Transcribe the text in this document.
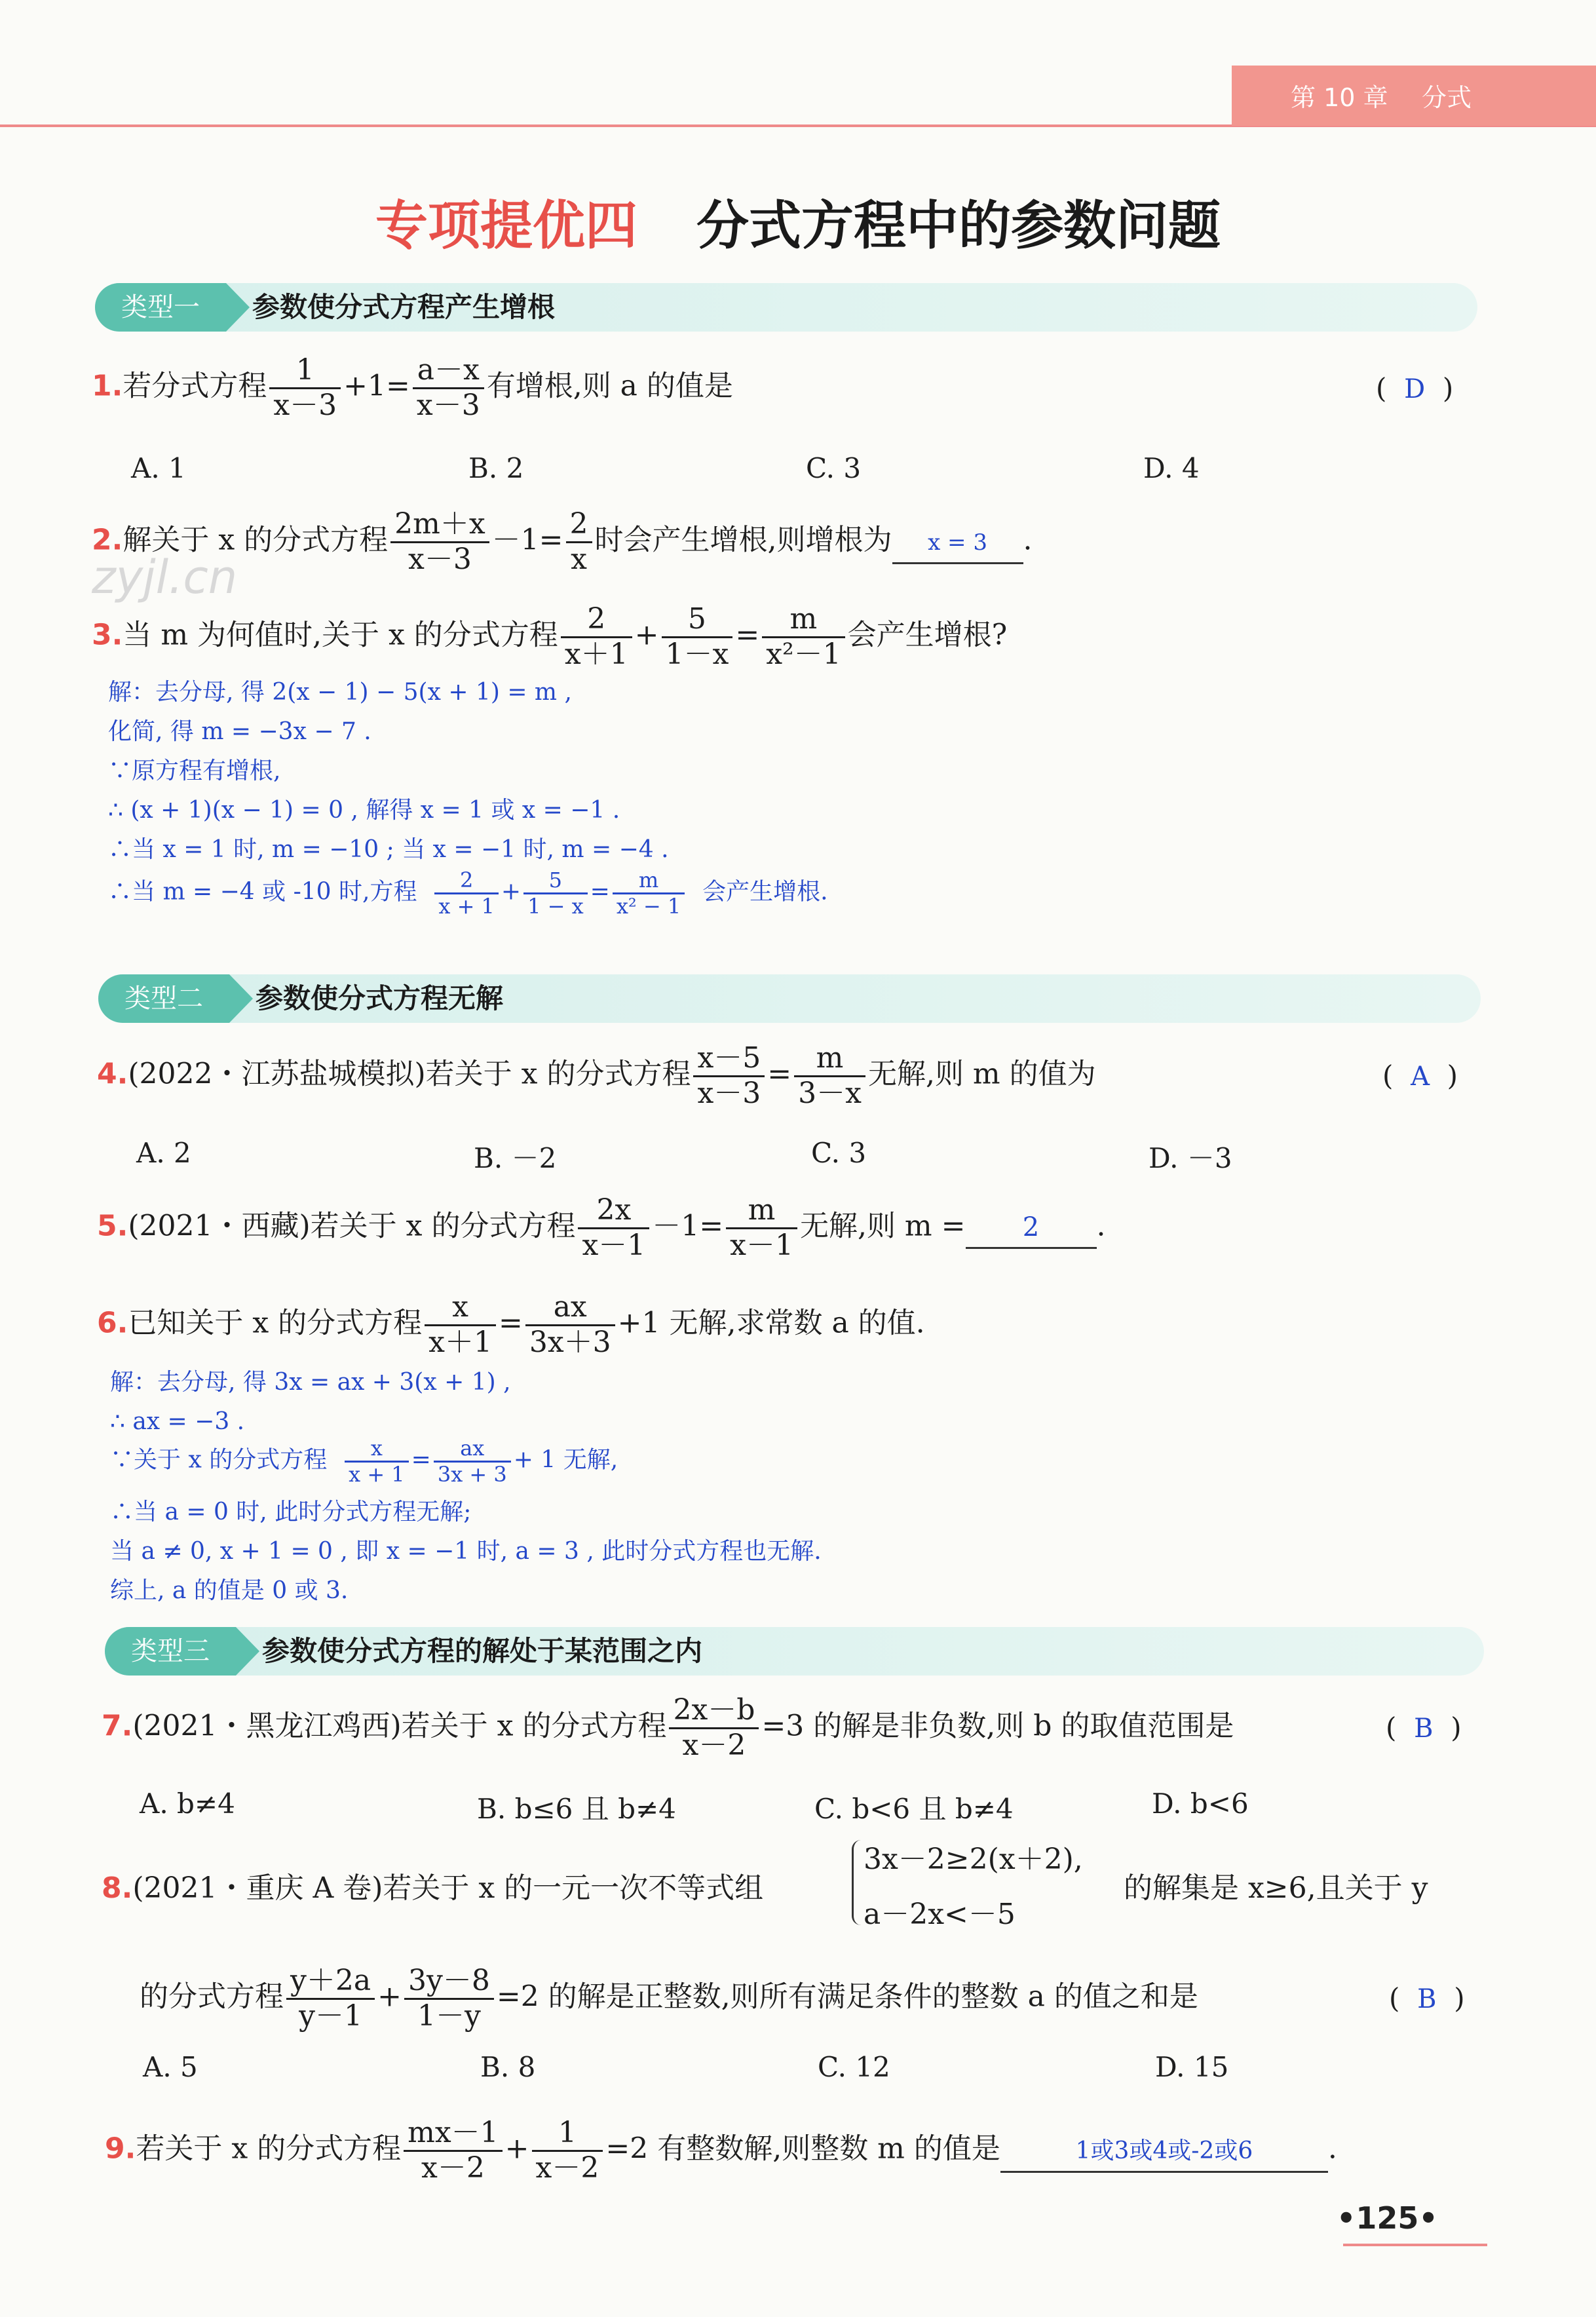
第 10 章 分式
专项提优四 分式方程中的参数问题
zyjl.cn
类型一	参数使分式方程产生增根
1.若分式方程 $\frac{1}{x-3} +1= \frac{a-x}{x-3}$ 有增根,则 a 的值是	(  D  )
A. 1	B. 2	C. 3	D. 4
2.解关于 x 的分式方程 $\frac{2m+x}{x-3} -1= \frac{2}{x}$ 时会产生增根,则增根为 x = 3 .
3.当 m 为何值时,关于 x 的分式方程 $\frac{2}{x+1} + \frac{5}{1-x} = \frac{m}{\text{x²－1}}$ 会产生增根?
解：去分母, 得 2(x − 1) − 5(x + 1) = m ,
化简, 得 m = −3x − 7 .
∵原方程有增根,
∴ (x + 1)(x − 1) = 0 , 解得 x = 1 或 x = −1 .
∴当 x = 1 时, m = −10 ; 当 x = −1 时, m = −4 .
∴当 m = −4 或 -10 时,方程 $\frac{2}{x + 1} + \frac{5}{1 - x} = \frac{m}{\text{x² − 1}}$ 会产生增根.
类型二	参数使分式方程无解
4.(2022・江苏盐城模拟)若关于 x 的分式方程 $\frac{x-5}{x-3} = \frac{m}{3-x}$ 无解,则 m 的值为	(  A  )
A. 2	B. －2	C. 3	D. －3
5.(2021・西藏)若关于 x 的分式方程 $\frac{2x}{x-1} -1= \frac{m}{x-1}$ 无解,则 m = 2 .
6.已知关于 x 的分式方程 $\frac{x}{x+1} = \frac{ax}{3x+3} +1$ 无解,求常数 a 的值.
解：去分母, 得 3x = ax + 3(x + 1) ,
∴ ax = −3 .
∵关于 x 的分式方程 $\frac{x}{x + 1} = \frac{ax}{3x + 3} + 1$ 无解,
∴当 a = 0 时, 此时分式方程无解;
当 a ≠ 0, x + 1 = 0 , 即 x = −1 时, a = 3 , 此时分式方程也无解.
综上, a 的值是 0 或 3.
类型三	参数使分式方程的解处于某范围之内
7.(2021・黑龙江鸡西)若关于 x 的分式方程 $\frac{2x-b}{x-2} =3$ 的解是非负数,则 b 的取值范围是	(  B  )
A. b≠4	B. b≤6 且 b≠4	C. b<6 且 b≠4	D. b<6
8.(2021・重庆 A 卷)若关于 x 的一元一次不等式组
3x－2≥2(x＋2),
a－2x<－5
的解集是 x≥6,且关于 y
的分式方程 $\frac{y+2a}{y-1} + \frac{3y-8}{1-y} =2$ 的解是正整数,则所有满足条件的整数 a 的值之和是	(  B  )
A. 5	B. 8	C. 12	D. 15
9.若关于 x 的分式方程 $\frac{mx-1}{x-2} + \frac{1}{x-2} =2$ 有整数解,则整数 m 的值是	1或3或4或-2或6	.
•125•
